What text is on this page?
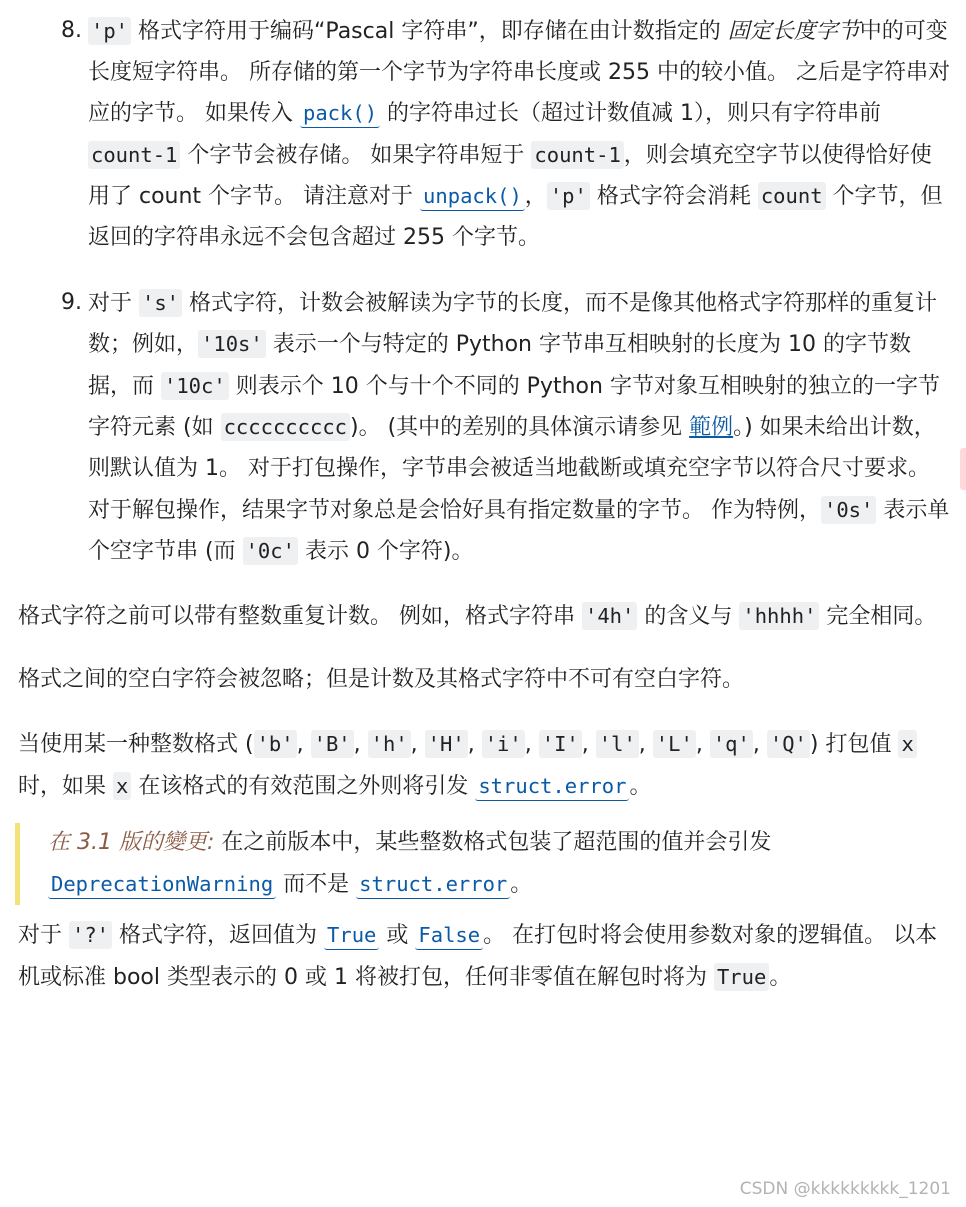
8. 'p' 格式字符用于编码“Pascal 字符串”，即存储在由计数指定的 固定长度字节中的可变长度短字符串。 所存储的第一个字节为字符串长度或 255 中的较小值。 之后是字符串对应的字节。 如果传入 pack() 的字符串过长（超过计数值减 1），则只有字符串前 count-1 个字节会被存储。 如果字符串短于 count-1 ，则会填充空字节以使得恰好使用了 count 个字节。 请注意对于 unpack() ， 'p' 格式字符会消耗 count 个字节，但返回的字符串永远不会包含超过 255 个字节。
9. 对于 's' 格式字符，计数会被解读为字节的长度，而不是像其他格式字符那样的重复计数；例如， '10s' 表示一个与特定的 Python 字节串互相映射的长度为 10 的字节数据，而 '10c' 则表示个 10 个与十个不同的 Python 字节对象互相映射的独立的一字节字符元素 (如 cccccccccc )。 (其中的差别的具体演示请参见 範例。) 如果未给出计数，则默认值为 1。 对于打包操作，字节串会被适当地截断或填充空字节以符合尺寸要求。 对于解包操作，结果字节对象总是会恰好具有指定数量的字节。 作为特例， '0s' 表示单个空字节串 (而 '0c' 表示 0 个字符)。

格式字符之前可以带有整数重复计数。 例如，格式字符串 '4h' 的含义与 'hhhh' 完全相同。

格式之间的空白字符会被忽略；但是计数及其格式字符中不可有空白字符。

当使用某一种整数格式 ( 'b' , 'B' , 'h' , 'H' , 'i' , 'I' , 'l' , 'L' , 'q' , 'Q' ) 打包值 x 时，如果 x 在该格式的有效范围之外则将引发 struct.error 。

在 3.1 版的變更: 在之前版本中，某些整数格式包装了超范围的值并会引发 DeprecationWarning 而不是 struct.error 。

对于 '?' 格式字符，返回值为 True 或 False 。 在打包时将会使用参数对象的逻辑值。 以本机或标准 bool 类型表示的 0 或 1 将被打包，任何非零值在解包时将为 True 。

CSDN @kkkkkkkkk_1201
